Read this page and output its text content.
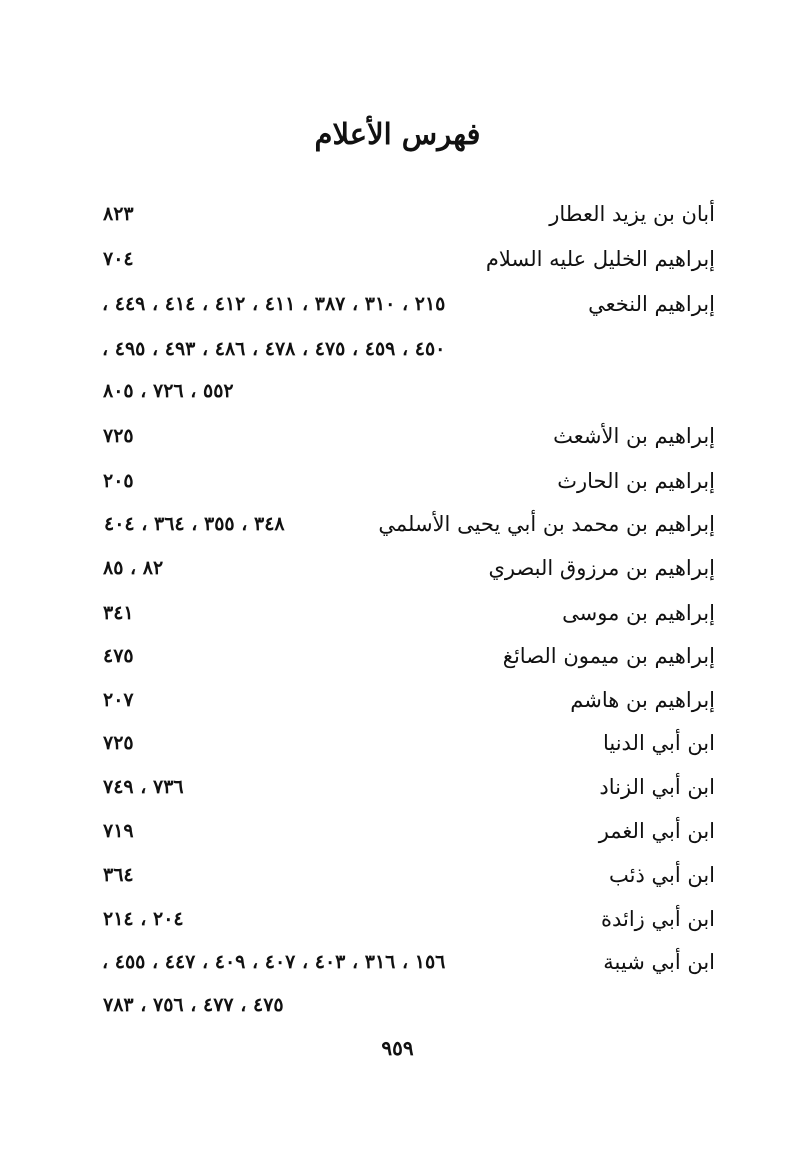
فهرس الأعلام
أبان بن يزيد العطار
٨٢٣
إبراهيم الخليل عليه السلام
٧٠٤
إبراهيم النخعي
٢١٥ ، ٣١٠ ، ٣٨٧ ، ٤١١ ، ٤١٢ ، ٤١٤ ، ٤٤٩ ،
٤٥٠ ، ٤٥٩ ، ٤٧٥ ، ٤٧٨ ، ٤٨٦ ، ٤٩٣ ، ٤٩٥ ،
٥٥٢ ، ٧٢٦ ، ٨٠٥
إبراهيم بن الأشعث
٧٢٥
إبراهيم بن الحارث
٢٠٥
إبراهيم بن محمد بن أبي يحيى الأسلمي
٣٤٨ ، ٣٥٥ ، ٣٦٤ ، ٤٠٤
إبراهيم بن مرزوق البصري
٨٢ ، ٨٥
إبراهيم بن موسى
٣٤١
إبراهيم بن ميمون الصائغ
٤٧٥
إبراهيم بن هاشم
٢٠٧
ابن أبي الدنيا
٧٢٥
ابن أبي الزناد
٧٣٦ ، ٧٤٩
ابن أبي الغمر
٧١٩
ابن أبي ذئب
٣٦٤
ابن أبي زائدة
٢٠٤ ، ٢١٤
ابن أبي شيبة
١٥٦ ، ٣١٦ ، ٤٠٣ ، ٤٠٧ ، ٤٠٩ ، ٤٤٧ ، ٤٥٥ ،
٤٧٥ ، ٤٧٧ ، ٧٥٦ ، ٧٨٣
٩٥٩
